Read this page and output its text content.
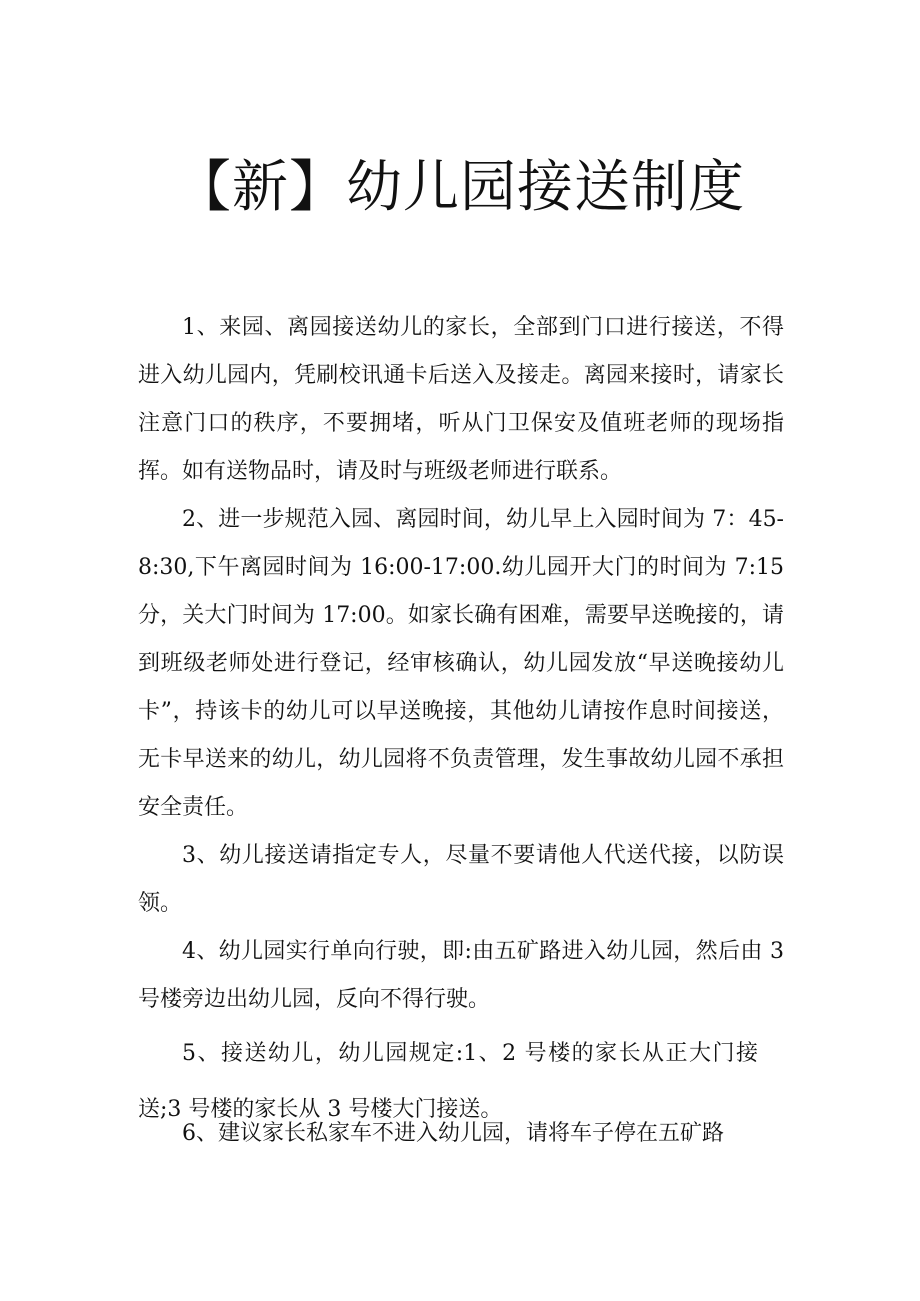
【新】幼儿园接送制度

1、来园、离园接送幼儿的家长，全部到门口进行接送，不得进入幼儿园内，凭刷校讯通卡后送入及接走。离园来接时，请家长注意门口的秩序，不要拥堵，听从门卫保安及值班老师的现场指挥。如有送物品时，请及时与班级老师进行联系。

2、进一步规范入园、离园时间，幼儿早上入园时间为 7：45-8:30,下午离园时间为 16:00-17:00.幼儿园开大门的时间为 7:15 分，关大门时间为 17:00。如家长确有困难，需要早送晚接的，请到班级老师处进行登记，经审核确认，幼儿园发放“早送晚接幼儿卡”，持该卡的幼儿可以早送晚接，其他幼儿请按作息时间接送，无卡早送来的幼儿，幼儿园将不负责管理，发生事故幼儿园不承担安全责任。

3、幼儿接送请指定专人，尽量不要请他人代送代接，以防误领。

4、幼儿园实行单向行驶，即:由五矿路进入幼儿园，然后由 3 号楼旁边出幼儿园，反向不得行驶。

5、接送幼儿，幼儿园规定:1、2 号楼的家长从正大门接送;3 号楼的家长从 3 号楼大门接送。

6、建议家长私家车不进入幼儿园，请将车子停在五矿路
